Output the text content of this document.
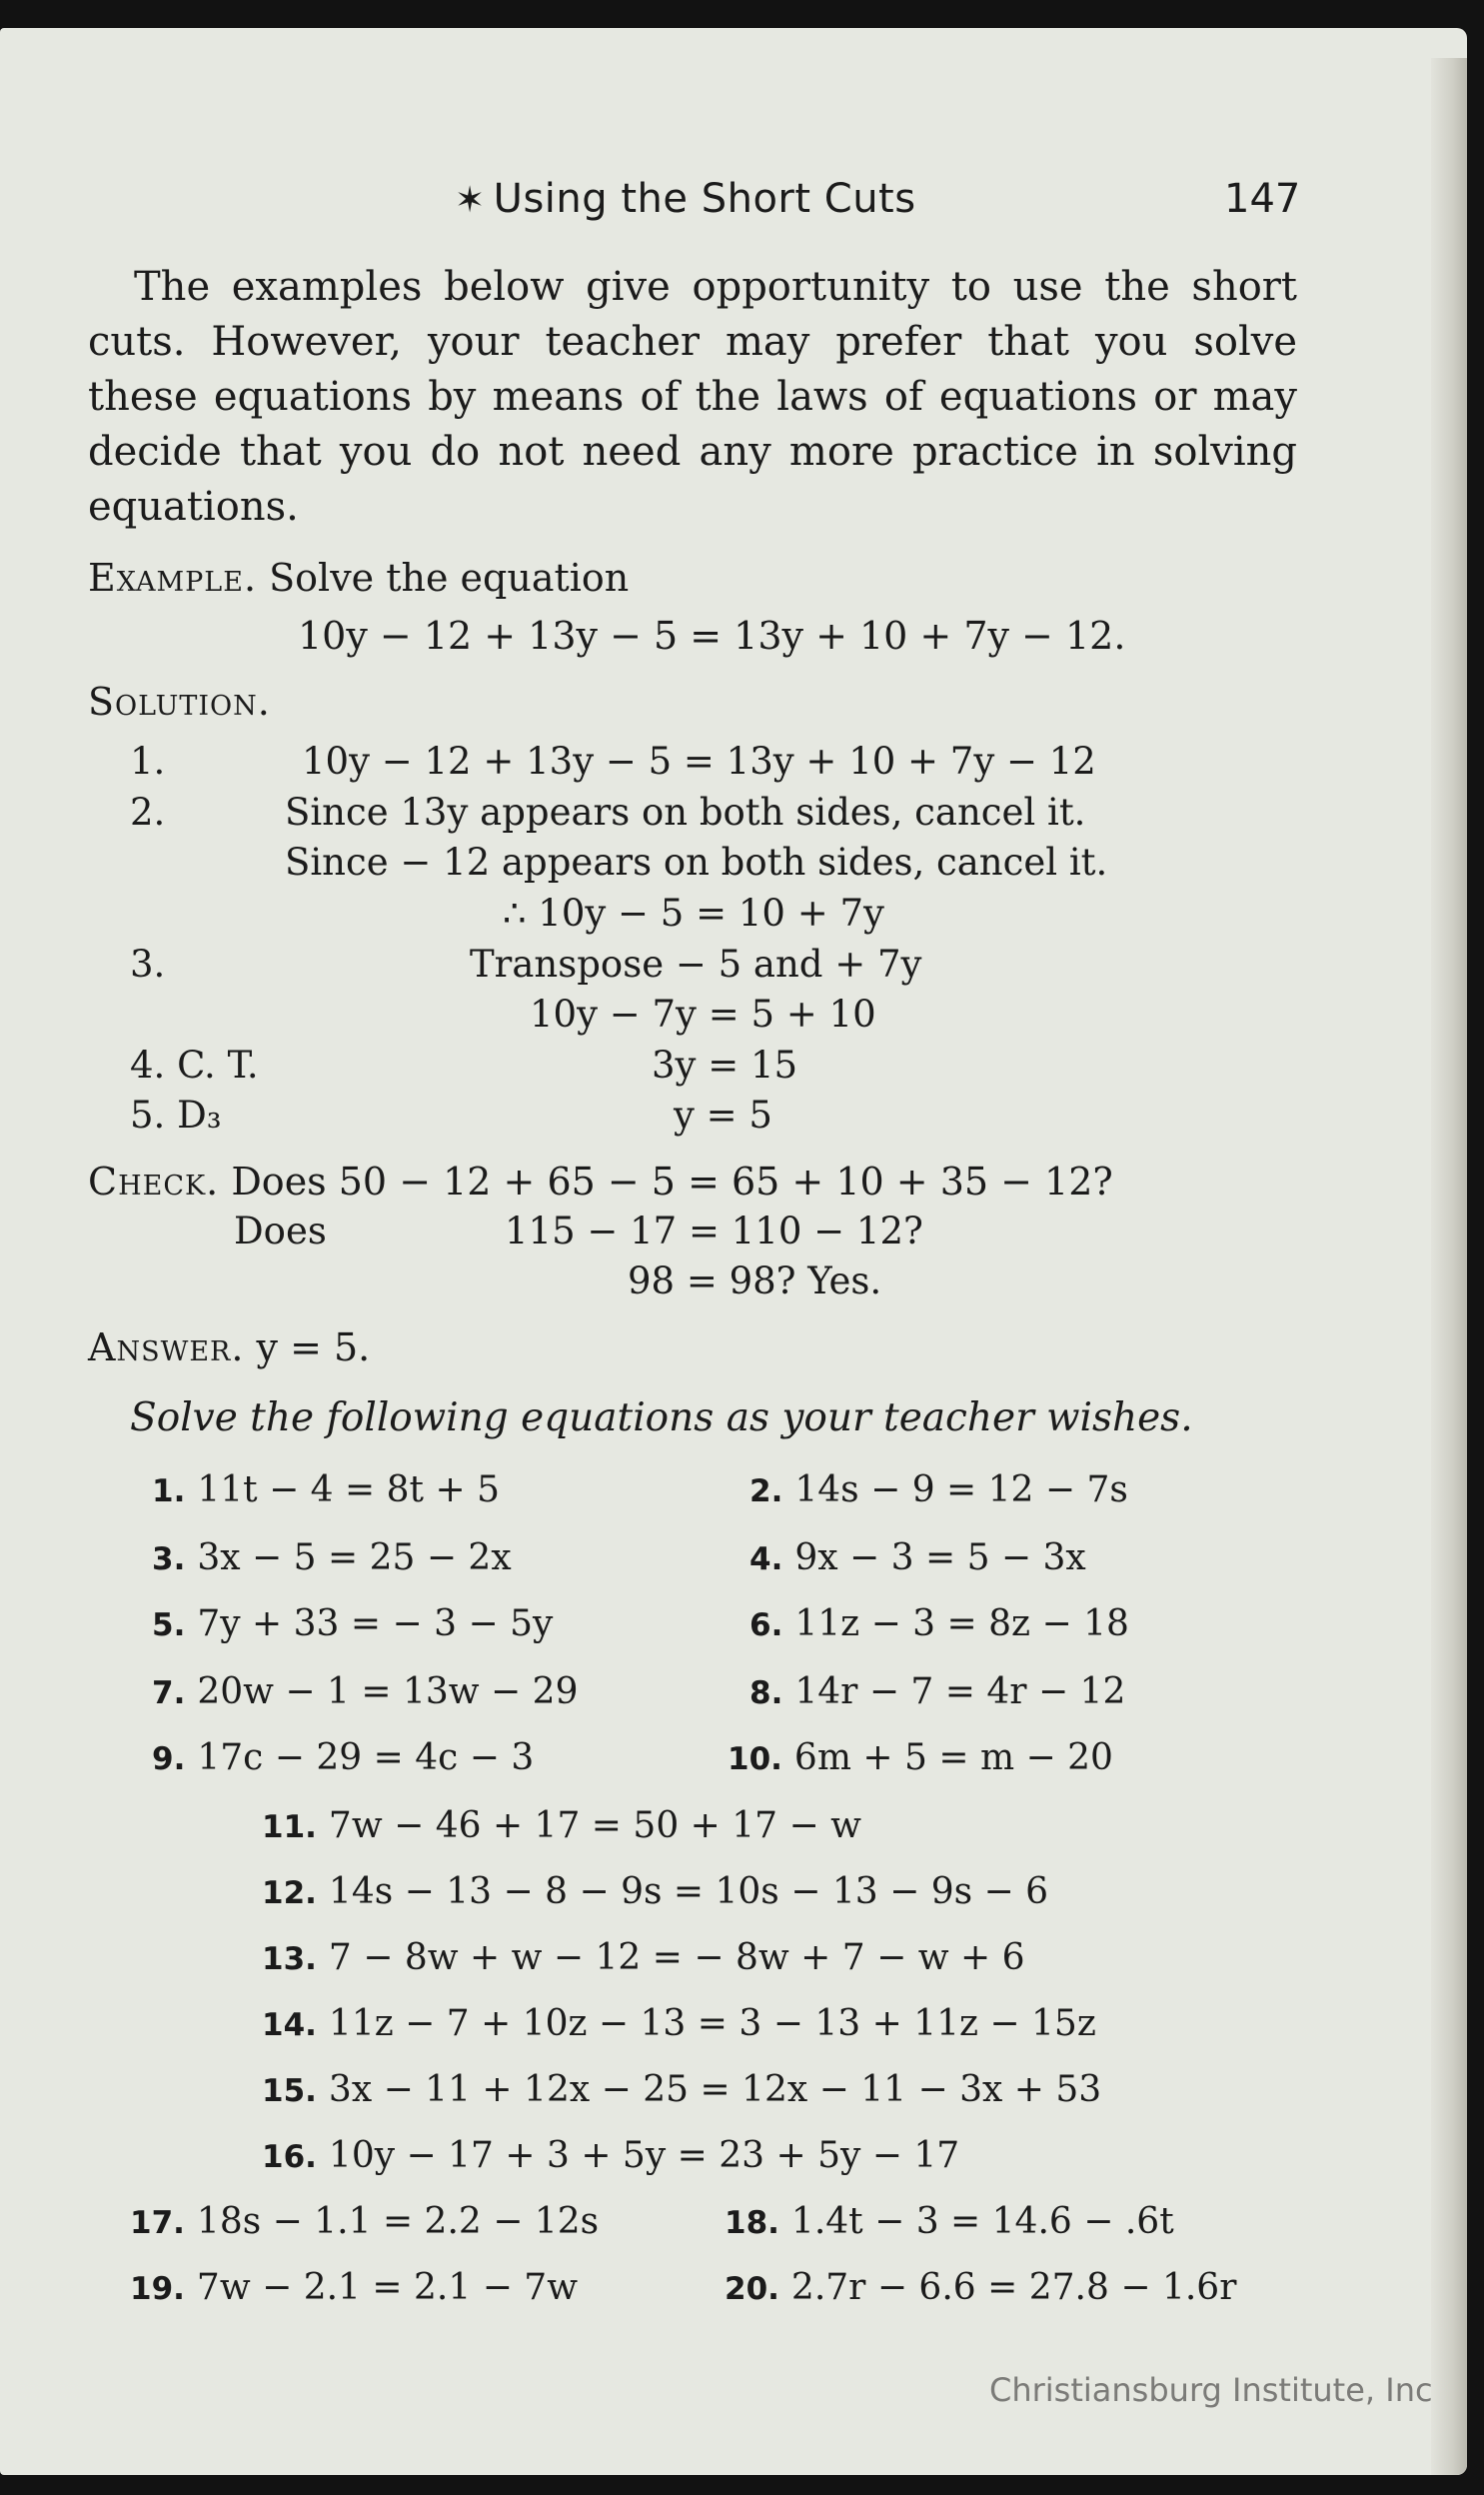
✶ Using the Short Cuts	147

The examples below give opportunity to use the short cuts. However, your teacher may prefer that you solve these equations by means of the laws of equations or may decide that you do not need any more practice in solving equations.

Example. Solve the equation
10y − 12 + 13y − 5 = 13y + 10 + 7y − 12.
Solution.
1.	10y − 12 + 13y − 5 = 13y + 10 + 7y − 12
2.	Since 13y appears on both sides, cancel it.
Since − 12 appears on both sides, cancel it.
∴ 10y − 5 = 10 + 7y
3.	Transpose − 5 and + 7y
10y − 7y = 5 + 10
4. C. T.	3y = 15
5. D₃	y = 5
Check. Does 50 − 12 + 65 − 5 = 65 + 10 + 35 − 12?
Does	115 − 17 = 110 − 12?
98 = 98? Yes.
Answer. y = 5.
Solve the following equations as your teacher wishes.
1. 11t − 4 = 8t + 5	2. 14s − 9 = 12 − 7s
3. 3x − 5 = 25 − 2x	4. 9x − 3 = 5 − 3x
5. 7y + 33 = − 3 − 5y	6. 11z − 3 = 8z − 18
7. 20w − 1 = 13w − 29	8. 14r − 7 = 4r − 12
9. 17c − 29 = 4c − 3	10. 6m + 5 = m − 20
11. 7w − 46 + 17 = 50 + 17 − w
12. 14s − 13 − 8 − 9s = 10s − 13 − 9s − 6
13. 7 − 8w + w − 12 = − 8w + 7 − w + 6
14. 11z − 7 + 10z − 13 = 3 − 13 + 11z − 15z
15. 3x − 11 + 12x − 25 = 12x − 11 − 3x + 53
16. 10y − 17 + 3 + 5y = 23 + 5y − 17
17. 18s − 1.1 = 2.2 − 12s	18. 1.4t − 3 = 14.6 − .6t
19. 7w − 2.1 = 2.1 − 7w	20. 2.7r − 6.6 = 27.8 − 1.6r
Christiansburg Institute, Inc
